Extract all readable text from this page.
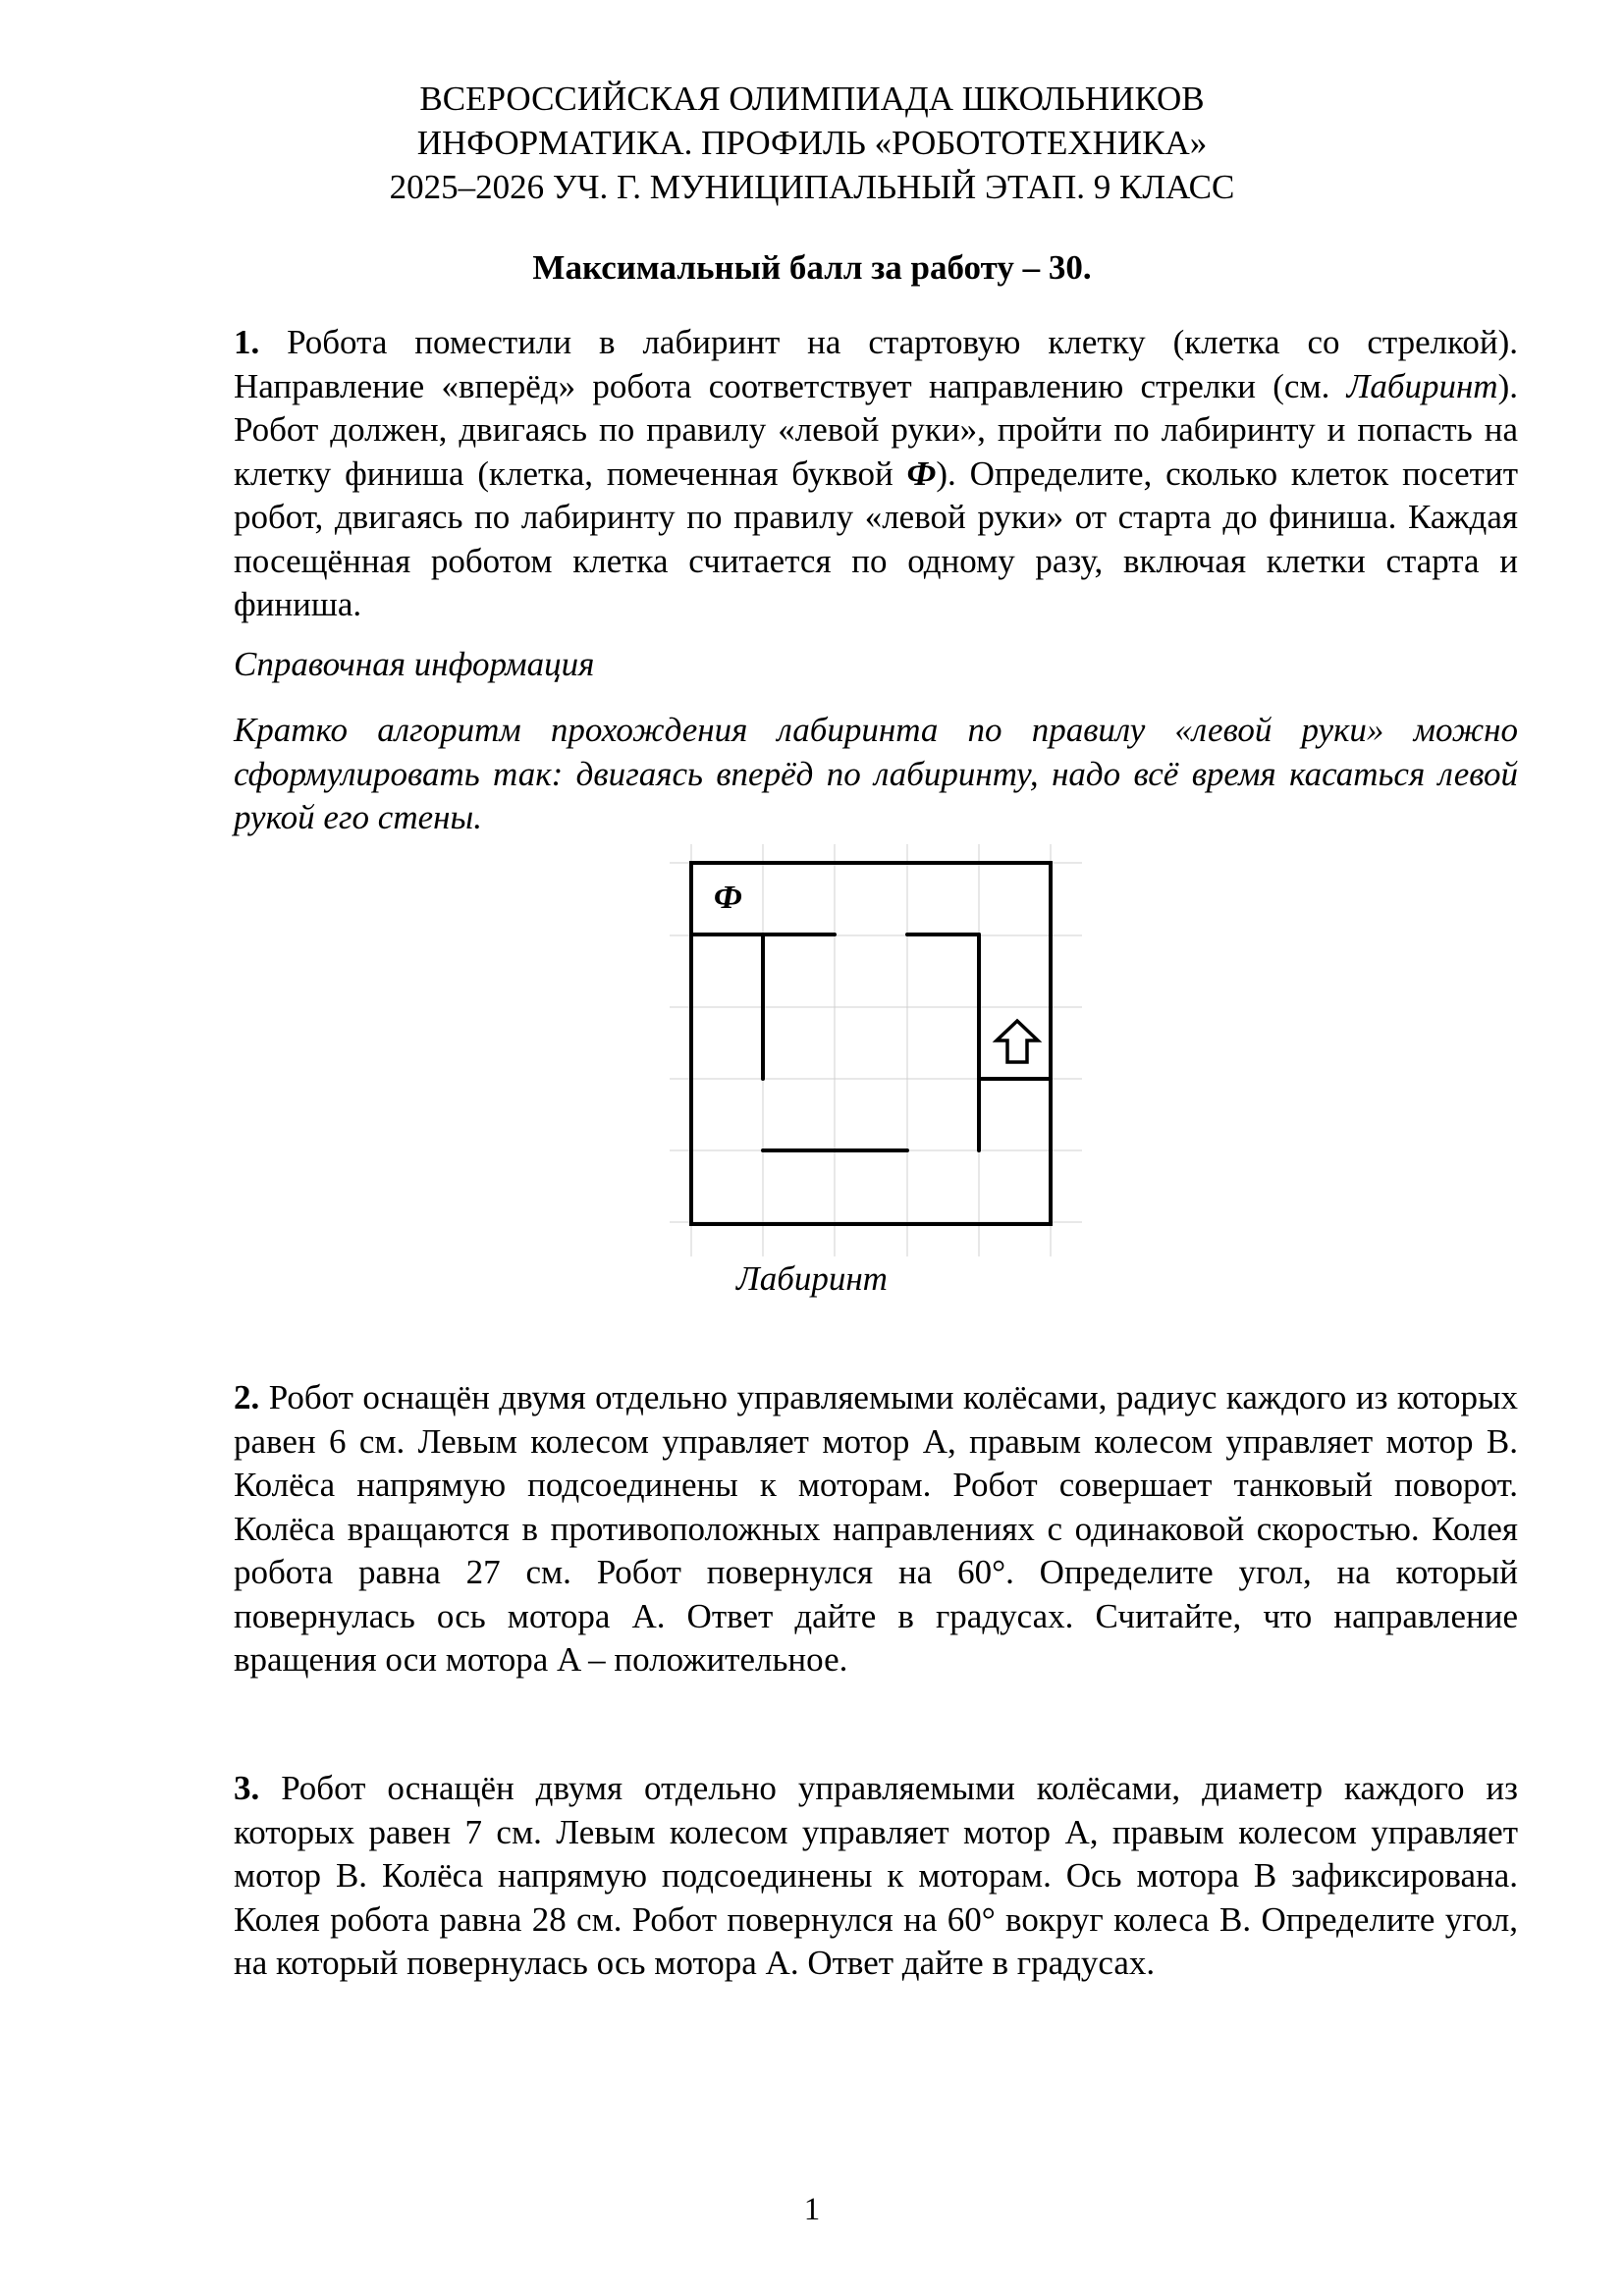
ВСЕРОССИЙСКАЯ ОЛИМПИАДА ШКОЛЬНИКОВ
ИНФОРМАТИКА. ПРОФИЛЬ «РОБОТОТЕХНИКА»
2025–2026 УЧ. Г. МУНИЦИПАЛЬНЫЙ ЭТАП. 9 КЛАСС
Максимальный балл за работу – 30.
1. Робота поместили в лабиринт на стартовую клетку (клетка со стрелкой). Направление «вперёд» робота соответствует направлению стрелки (см. Лабиринт). Робот должен, двигаясь по правилу «левой руки», пройти по лабиринту и попасть на клетку финиша (клетка, помеченная буквой Ф). Определите, сколько клеток посетит робот, двигаясь по лабиринту по правилу «левой руки» от старта до финиша. Каждая посещённая роботом клетка считается по одному разу, включая клетки старта и финиша.
Справочная информация
Кратко алгоритм прохождения лабиринта по правилу «левой руки» можно сформулировать так: двигаясь вперёд по лабиринту, надо всё время касаться левой рукой его стены.
Ф
Лабиринт
2. Робот оснащён двумя отдельно управляемыми колёсами, радиус каждого из которых равен 6 см. Левым колесом управляет мотор A, правым колесом управляет мотор B. Колёса напрямую подсоединены к моторам. Робот совершает танковый поворот. Колёса вращаются в противоположных направлениях с одинаковой скоростью. Колея робота равна 27 см. Робот повернулся на 60°. Определите угол, на который повернулась ось мотора A. Ответ дайте в градусах. Считайте, что направление вращения оси мотора A – положительное.
3. Робот оснащён двумя отдельно управляемыми колёсами, диаметр каждого из которых равен 7 см. Левым колесом управляет мотор A, правым колесом управляет мотор B. Колёса напрямую подсоединены к моторам. Ось мотора B зафиксирована. Колея робота равна 28 см. Робот повернулся на 60° вокруг колеса B. Определите угол, на который повернулась ось мотора A. Ответ дайте в градусах.
1
